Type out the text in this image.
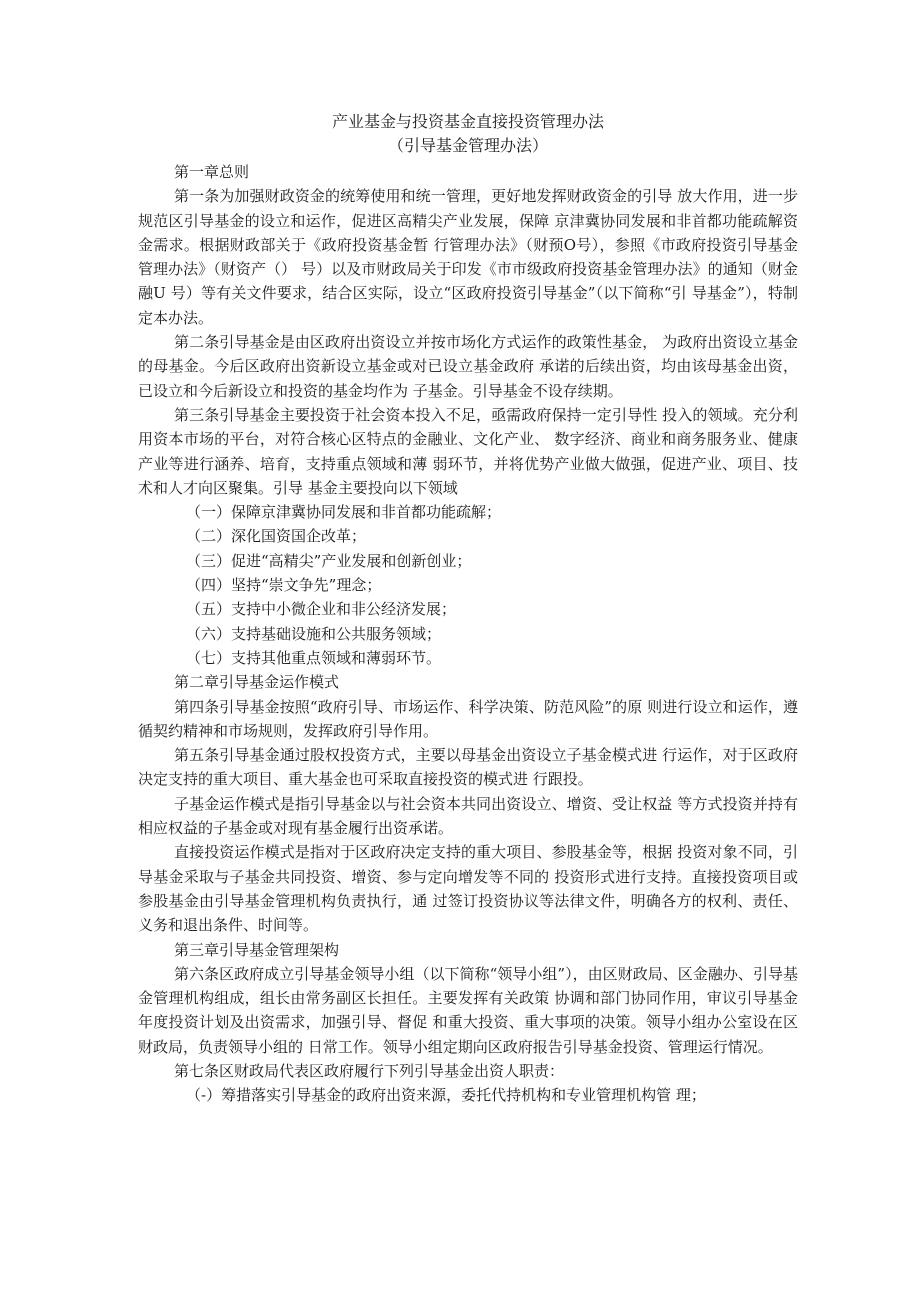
产业基金与投资基金直接投资管理办法
（引导基金管理办法）

第一章总则

第一条为加强财政资金的统筹使用和统一管理，更好地发挥财政资金的引导 放大作用，进一步规范区引导基金的设立和运作，促进区高精尖产业发展，保障 京津冀协同发展和非首都功能疏解资金需求。根据财政部关于《政府投资基金暂 行管理办法》（财预O号），参照《市政府投资引导基金管理办法》（财资产（） 号）以及市财政局关于印发《市市级政府投资基金管理办法》的通知（财金融U 号）等有关文件要求，结合区实际，设立“区政府投资引导基金”（以下简称“引 导基金”），特制定本办法。

第二条引导基金是由区政府出资设立并按市场化方式运作的政策性基金， 为政府出资设立基金的母基金。今后区政府出资新设立基金或对已设立基金政府 承诺的后续出资，均由该母基金出资，已设立和今后新设立和投资的基金均作为 子基金。引导基金不设存续期。

第三条引导基金主要投资于社会资本投入不足，亟需政府保持一定引导性 投入的领域。充分利用资本市场的平台，对符合核心区特点的金融业、文化产业、 数字经济、商业和商务服务业、健康产业等进行涵养、培育，支持重点领域和薄 弱环节，并将优势产业做大做强，促进产业、项目、技术和人才向区聚集。引导 基金主要投向以下领域

（一）保障京津冀协同发展和非首都功能疏解；

（二）深化国资国企改革；

（三）促进“高精尖”产业发展和创新创业；

（四）坚持“崇文争先”理念；

（五）支持中小微企业和非公经济发展；

（六）支持基础设施和公共服务领域；

（七）支持其他重点领域和薄弱环节。

第二章引导基金运作模式

第四条引导基金按照“政府引导、市场运作、科学决策、防范风险”的原 则进行设立和运作，遵循契约精神和市场规则，发挥政府引导作用。

第五条引导基金通过股权投资方式，主要以母基金出资设立子基金模式进 行运作，对于区政府决定支持的重大项目、重大基金也可采取直接投资的模式进 行跟投。

子基金运作模式是指引导基金以与社会资本共同出资设立、增资、受让权益 等方式投资并持有相应权益的子基金或对现有基金履行出资承诺。

直接投资运作模式是指对于区政府决定支持的重大项目、参股基金等，根据 投资对象不同，引导基金采取与子基金共同投资、增资、参与定向增发等不同的 投资形式进行支持。直接投资项目或参股基金由引导基金管理机构负责执行，通 过签订投资协议等法律文件，明确各方的权利、责任、义务和退出条件、时间等。

第三章引导基金管理架构

第六条区政府成立引导基金领导小组（以下简称“领导小组”），由区财政局、区金融办、引导基金管理机构组成，组长由常务副区长担任。主要发挥有关政策 协调和部门协同作用，审议引导基金年度投资计划及出资需求，加强引导、督促 和重大投资、重大事项的决策。领导小组办公室设在区财政局，负责领导小组的 日常工作。领导小组定期向区政府报告引导基金投资、管理运行情况。

第七条区财政局代表区政府履行下列引导基金出资人职责：

（-）筹措落实引导基金的政府出资来源，委托代持机构和专业管理机构管 理；
